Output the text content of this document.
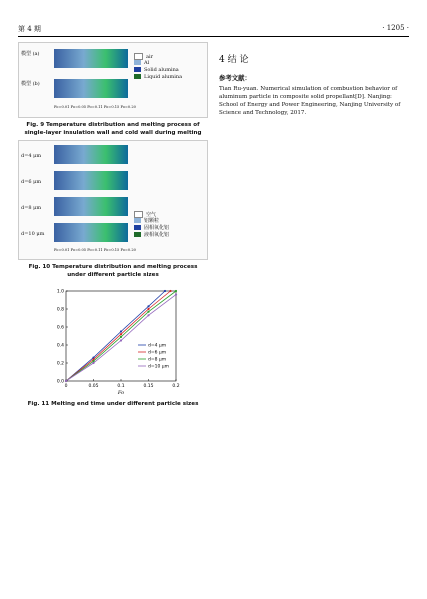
第 4 期	· 1205 ·
模型 (a)
模型 (b)
Fo=0.01 Fo=0.05 Fo=0.11 Fo=0.15 Fo=0.20
air
Al
Solid alumina
Liquid alumina
Fig. 9 Temperature distribution and melting process of single-layer insulation wall and cold wall during melting

d=4 μm
d=6 μm
d=8 μm
d=10 μm
Fo=0.01 Fo=0.05 Fo=0.11 Fo=0.15 Fo=0.20
空气
铝颗粒
固相氧化铝
液相氧化铝
Fig. 10 Temperature distribution and melting process under different particle sizes
0	0.05	0.1	0.15	0.2
0.0
0.2
0.4
0.6
0.8
1.0
Fo
d=4 μm
d=6 μm
d=8 μm
d=10 μm
Fig. 11 Melting end time under different particle sizes

4 结 论

参考文献：

Tian Ru-yuan. Numerical simulation of combustion behavior of aluminum particle in composite solid propellant[D]. Nanjing: School of Energy and Power Engineering, Nanjing University of Science and Technology, 2017.
